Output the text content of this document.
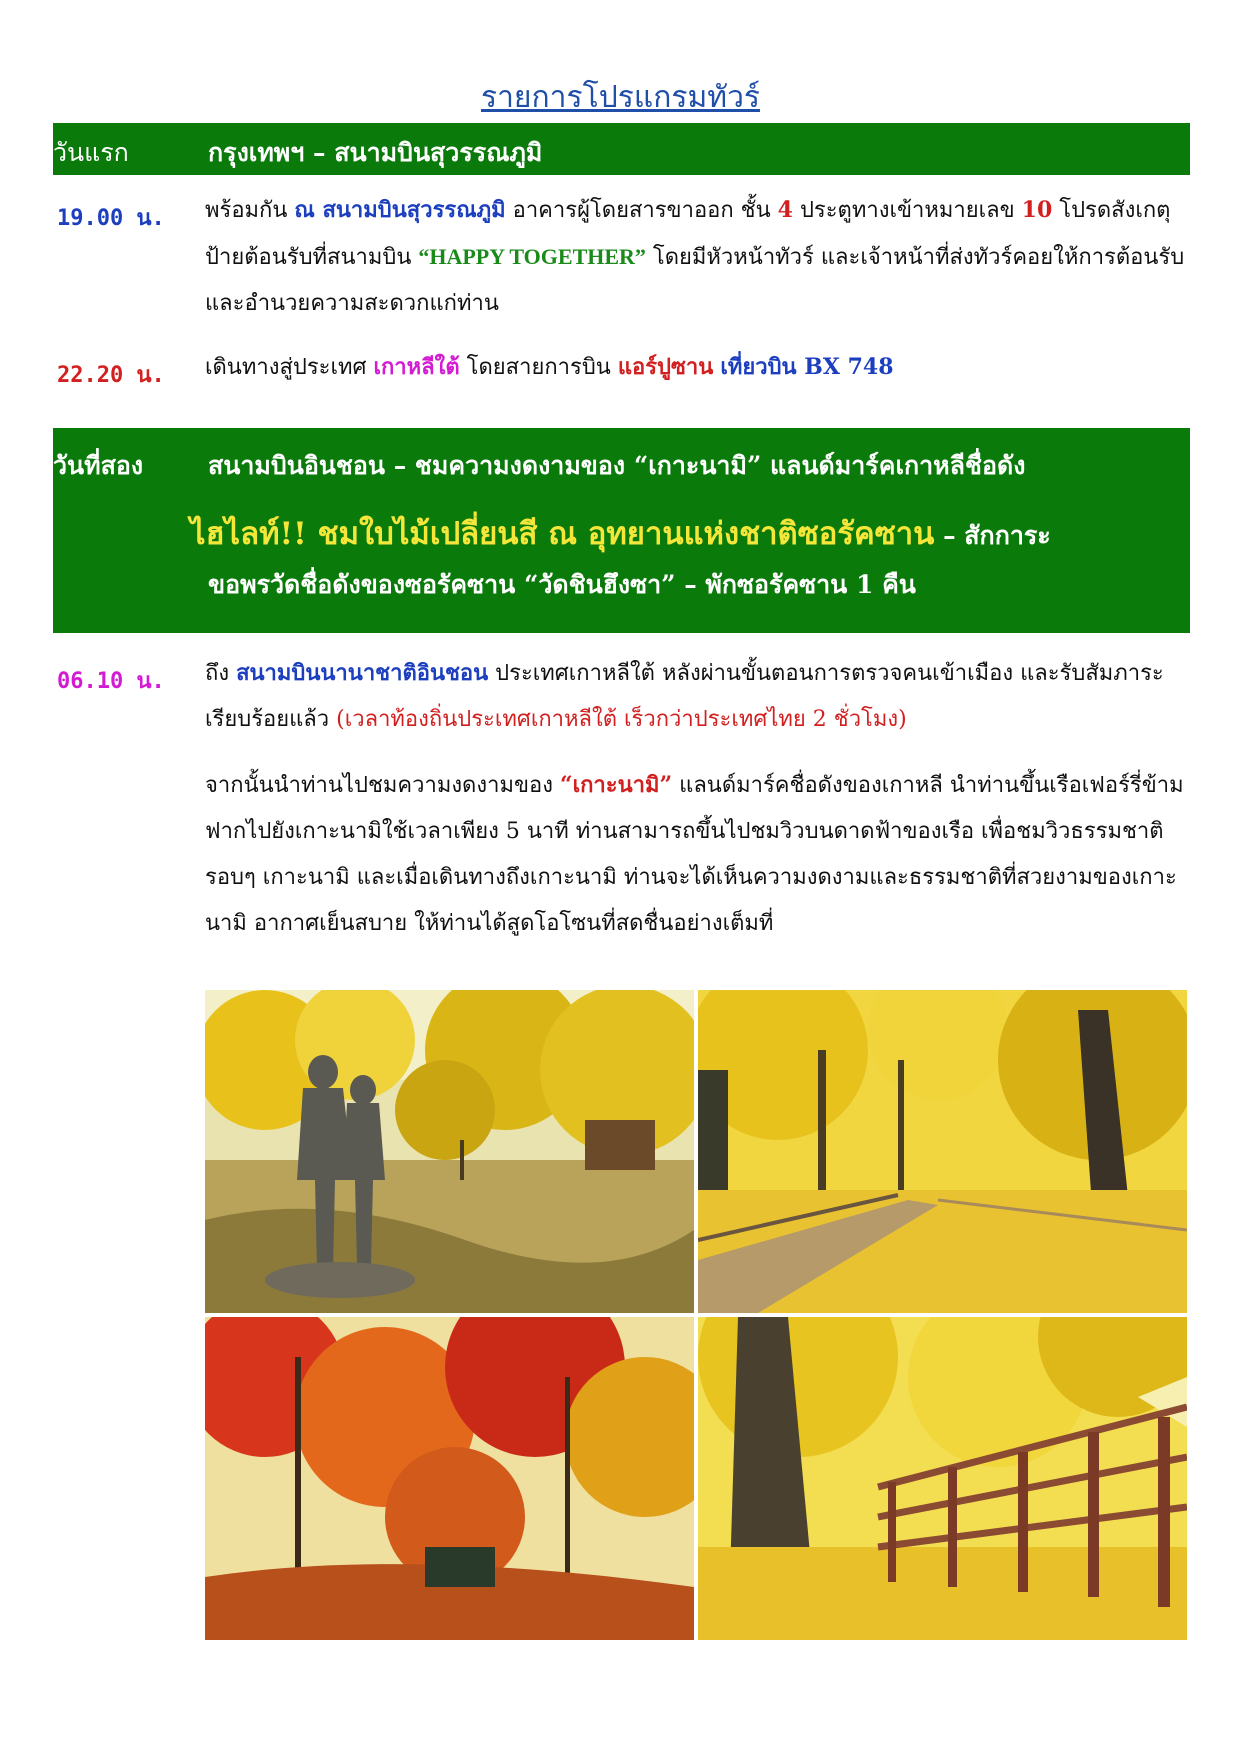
รายการโปรแกรมทัวร์
วันแรก	กรุงเทพฯ – สนามบินสุวรรณภูมิ
19.00 น. พร้อมกัน ณ สนามบินสุวรรณภูมิ อาคารผู้โดยสารขาออก ชั้น 4 ประตูทางเข้าหมายเลข 10 โปรดสังเกตุป้ายต้อนรับที่สนามบิน “HAPPY TOGETHER” โดยมีหัวหน้าทัวร์ และเจ้าหน้าที่ส่งทัวร์คอยให้การต้อนรับ และอำนวยความสะดวกแก่ท่าน
22.20 น. เดินทางสู่ประเทศ เกาหลีใต้ โดยสายการบิน แอร์ปูซาน เที่ยวบิน BX 748
วันที่สอง	สนามบินอินชอน – ชมความงดงามของ “เกาะนามิ” แลนด์มาร์คเกาหลีชื่อดัง
ไฮไลท์!! ชมใบไม้เปลี่ยนสี ณ อุทยานแห่งชาติซอรัคซาน – สักการะ
ขอพรวัดชื่อดังของซอรัคซาน “วัดชินฮึงซา” – พักซอรัคซาน 1 คืน
06.10 น. ถึง สนามบินนานาชาติอินชอน ประเทศเกาหลีใต้ หลังผ่านขั้นตอนการตรวจคนเข้าเมือง และรับสัมภาระเรียบร้อยแล้ว (เวลาท้องถิ่นประเทศเกาหลีใต้ เร็วกว่าประเทศไทย 2 ชั่วโมง)
จากนั้นนำท่านไปชมความงดงามของ “เกาะนามิ” แลนด์มาร์คชื่อดังของเกาหลี นำท่านขึ้นเรือเฟอร์รี่ข้ามฟากไปยังเกาะนามิใช้เวลาเพียง 5 นาที ท่านสามารถขึ้นไปชมวิวบนดาดฟ้าของเรือ เพื่อชมวิวธรรมชาติรอบๆ เกาะนามิ และเมื่อเดินทางถึงเกาะนามิ ท่านจะได้เห็นความงดงามและธรรมชาติที่สวยงามของเกาะนามิ อากาศเย็นสบาย ให้ท่านได้สูดโอโซนที่สดชื่นอย่างเต็มที่
